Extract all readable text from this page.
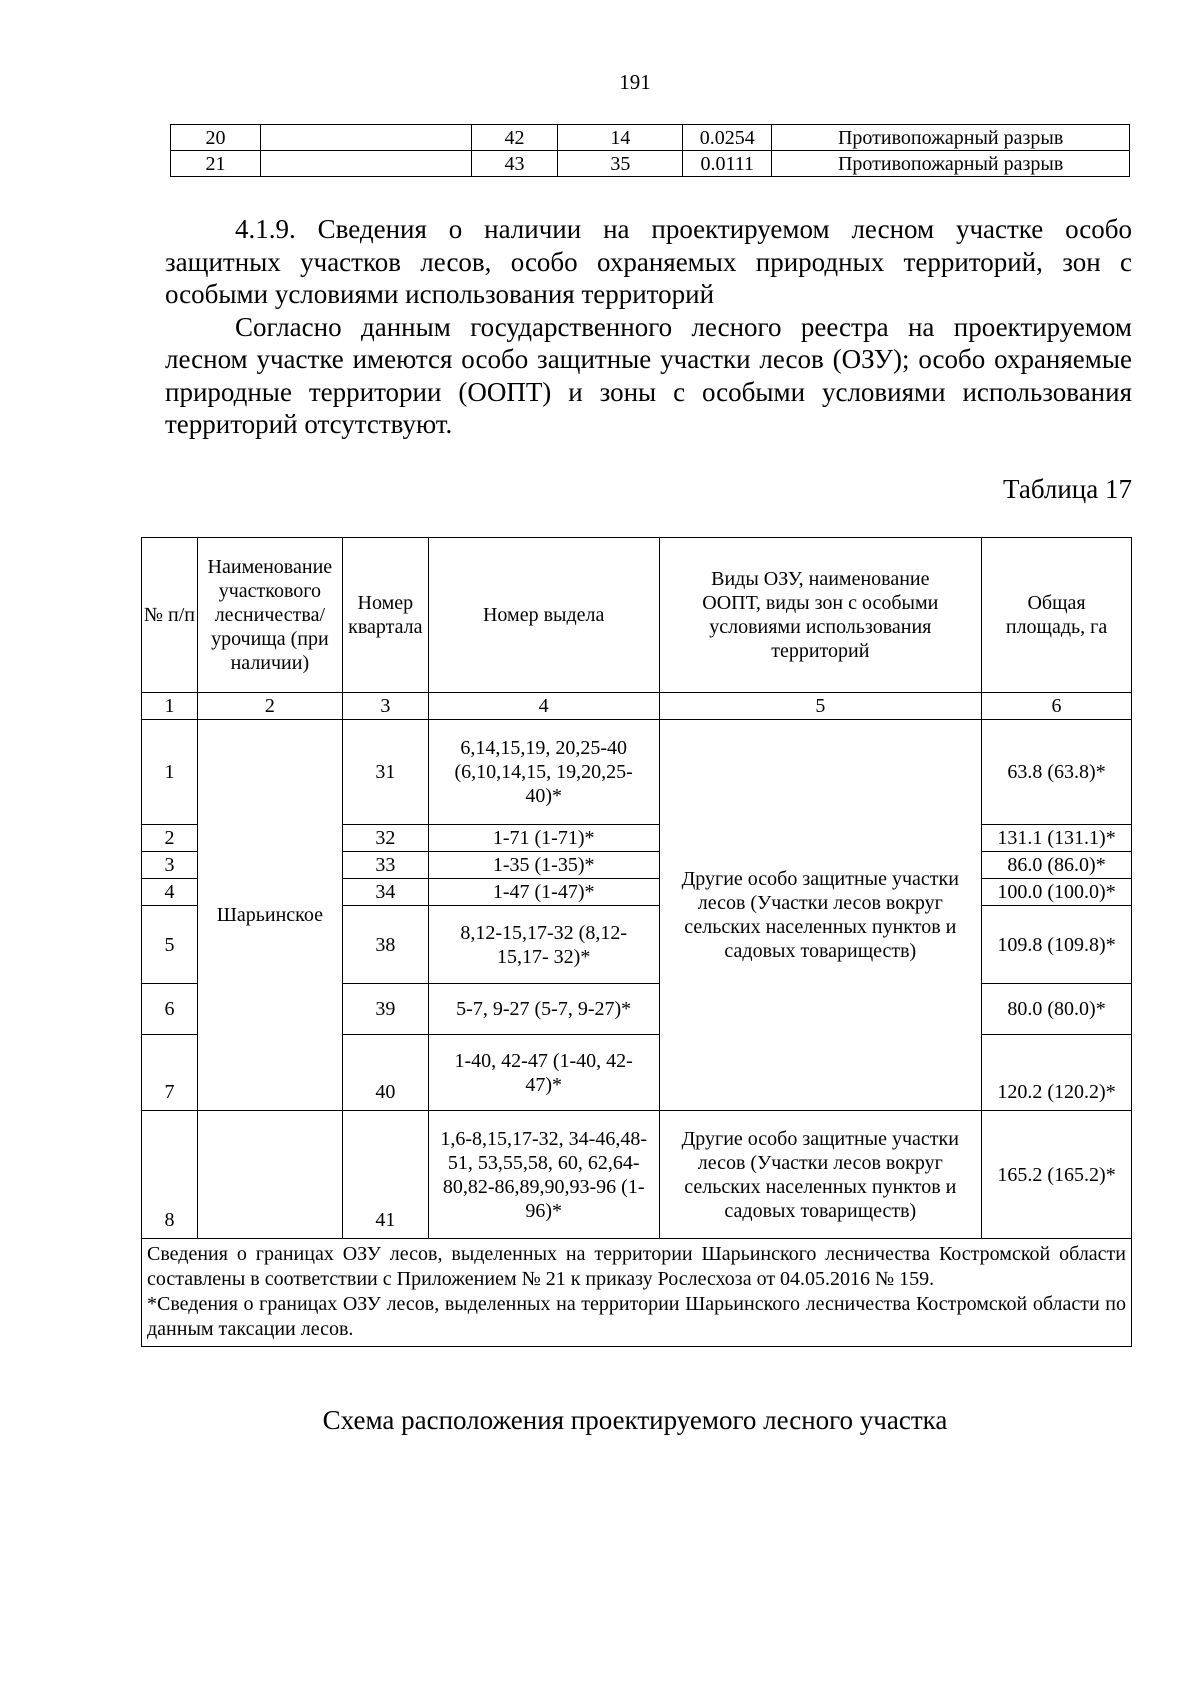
191
20		42	14	0.0254	Противопожарный разрыв
21		43	35	0.0111	Противопожарный разрыв

4.1.9. Сведения о наличии на проектируемом лесном участке особо защитных участков лесов, особо охраняемых природных территорий, зон с особыми условиями использования территорий

Согласно данным государственного лесного реестра на проектируемом лесном участке имеются особо защитные участки лесов (ОЗУ); особо охраняемые природные территории (ООПТ) и зоны с особыми условиями использования территорий отсутствуют.

Таблица 17
№ п/п	Наименование участкового лесничества/ урочища (при наличии)	Номер квартала	Номер выдела	Виды ОЗУ, наименование ООПТ, виды зон с особыми условиями использования территорий	Общая площадь, га
1	2	3	4	5	6
1	Шарьинское	31	6,14,15,19, 20,25-40 (6,10,14,15, 19,20,25-40)*	Другие особо защитные участки лесов (Участки лесов вокруг сельских населенных пунктов и садовых товариществ)	63.8 (63.8)*
2		32	1-71 (1-71)*		131.1 (131.1)*
3		33	1-35 (1-35)*		86.0 (86.0)*
4		34	1-47 (1-47)*		100.0 (100.0)*
5		38	8,12-15,17-32 (8,12-15,17- 32)*		109.8 (109.8)*
6		39	5-7, 9-27 (5-7, 9-27)*		80.0 (80.0)*
7		40	1-40, 42-47 (1-40, 42-47)*		120.2 (120.2)*
8		41	1,6-8,15,17-32, 34-46,48-51, 53,55,58, 60, 62,64-80,82-86,89,90,93-96 (1-96)*	Другие особо защитные участки лесов (Участки лесов вокруг сельских населенных пунктов и садовых товариществ)	165.2 (165.2)*

Сведения о границах ОЗУ лесов, выделенных на территории Шарьинского лесничества Костромской области составлены в соответствии с Приложением № 21 к приказу Рослесхоза от 04.05.2016 № 159.

*Сведения о границах ОЗУ лесов, выделенных на территории Шарьинского лесничества Костромской области по данным таксации лесов.					

Схема расположения проектируемого лесного участка
